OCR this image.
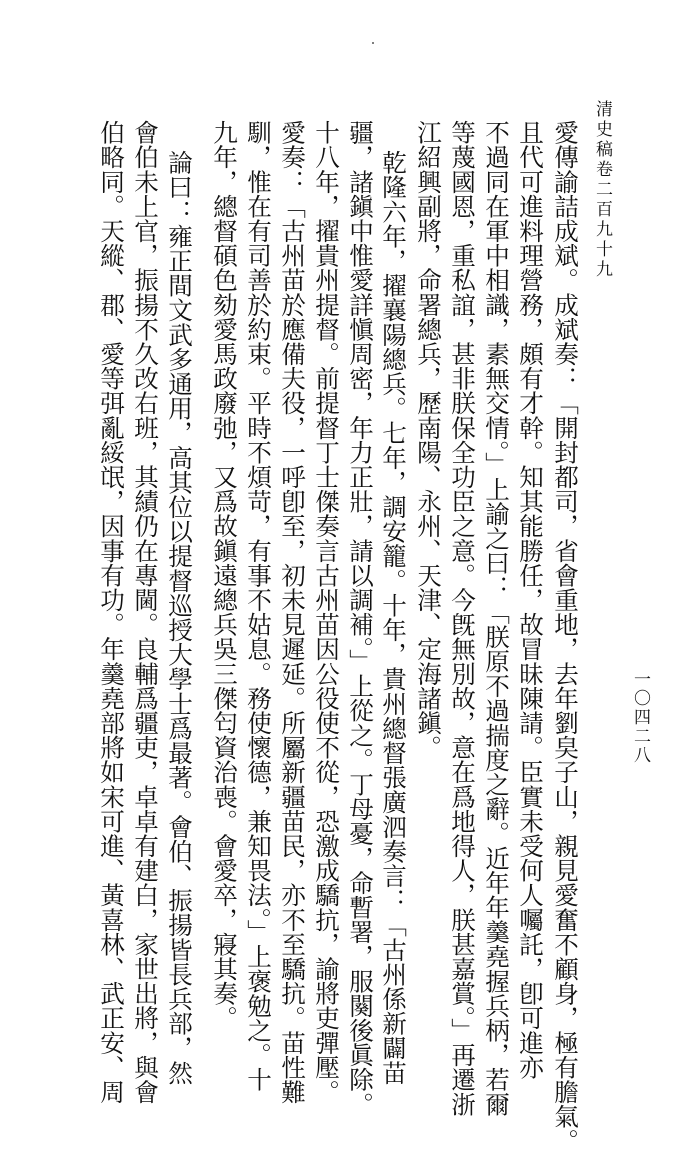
清史稿卷二百九十九
一〇四二八
愛傳諭詰成斌。成斌奏：「開封都司，省會重地，去年劉㚖子山，親見愛奮不顧身，極有膽氣。
且代可進料理營務，頗有才幹。知其能勝任，故冒昧陳請。臣實未受何人囑託，卽可進亦
不過同在軍中相識，素無交情。」上諭之曰：「朕原不過揣度之辭。近年年羹堯握兵柄，若爾
等蔑國恩，重私誼，甚非朕保全功臣之意。今旣無別故，意在爲地得人，朕甚嘉賞。」再遷浙
江紹興副將，命署總兵，歷南陽、永州、天津、定海諸鎭。
乾隆六年，擢襄陽總兵。七年，調安籠。十年，貴州總督張廣泗奏言：「古州係新闢苗
疆，諸鎭中惟愛詳愼周密，年力正壯，請以調補。」上從之。丁母憂，命暫署，服闋後眞除。
十八年，擢貴州提督。前提督丁士傑奏言古州苗因公役使不從，恐激成驕抗，諭將吏彈壓。
愛奏：「古州苗於應備夫役，一呼卽至，初未見遲延。所屬新疆苗民，亦不至驕抗。苗性難
馴，惟在有司善於約束。平時不煩苛，有事不姑息。務使懷德，兼知畏法。」上褒勉之。十
九年，總督碩色劾愛馬政廢弛，又爲故鎭遠總兵吳三傑匄資治喪。會愛卒，寢其奏。
論曰：雍正間文武多通用，高其位以提督巡授大學士爲最著。會伯、振揚皆長兵部，然
會伯未上官，振揚不久改右班，其績仍在專閫。良輔爲疆吏，卓卓有建白，家世出將，與會
伯略同。天縱、郡、愛等弭亂綏氓，因事有功。年羹堯部將如宋可進、黃喜林、武正安、周
